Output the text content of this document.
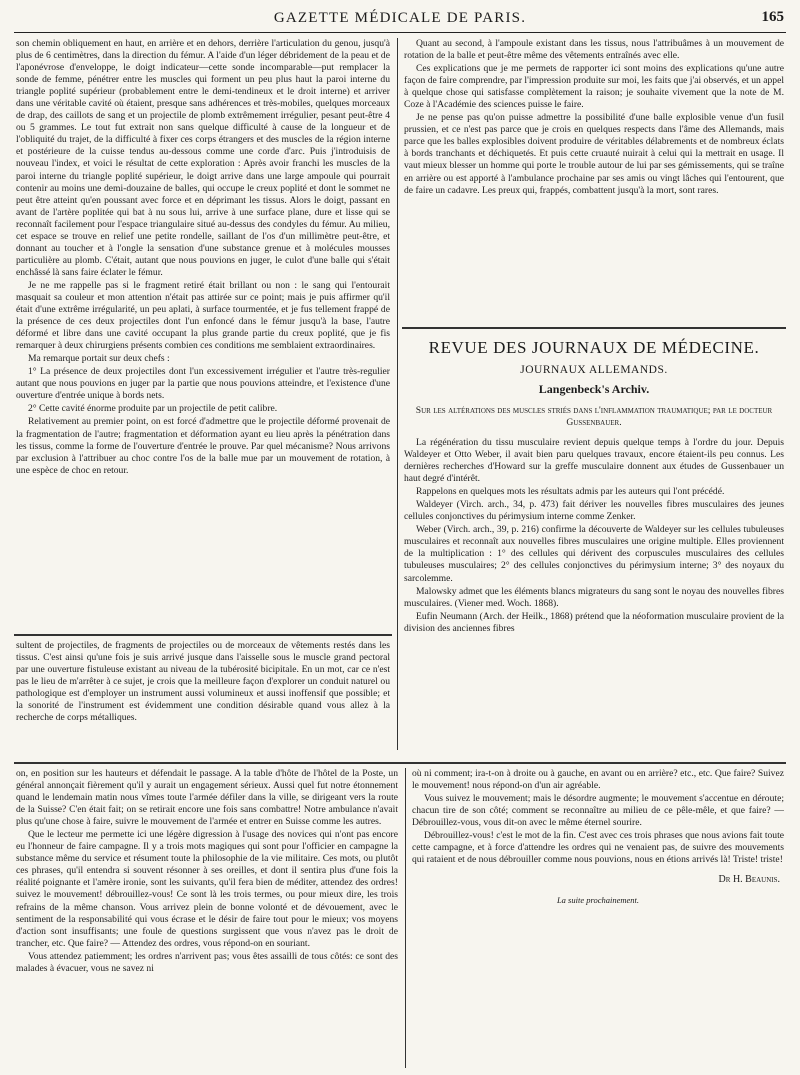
GAZETTE MÉDICALE DE PARIS.	165

son chemin obliquement en haut, en arrière et en dehors, derrière l'articulation du genou, jusqu'à plus de 6 centimètres, dans la direction du fémur. A l'aide d'un léger débridement de la peau et de l'aponévrose d'enveloppe, le doigt indicateur—cette sonde incomparable—put remplacer la sonde de femme, pénétrer entre les muscles qui forment un peu plus haut la paroi interne du triangle poplité supérieur (probablement entre le demi-tendineux et le droit interne) et arriver dans une véritable cavité où étaient, presque sans adhérences et très-mobiles, quelques morceaux de drap, des caillots de sang et un projectile de plomb extrêmement irrégulier, pesant peut-être 4 ou 5 grammes. Le tout fut extrait non sans quelque difficulté à cause de la longueur et de l'obliquité du trajet, de la difficulté à fixer ces corps étrangers et des muscles de la région interne et postérieure de la cuisse tendus au-dessous comme une corde d'arc. Puis j'introduisis de nouveau l'index, et voici le résultat de cette exploration : Après avoir franchi les muscles de la paroi interne du triangle poplité supérieur, le doigt arrive dans une large ampoule qui pourrait contenir au moins une demi-douzaine de balles, qui occupe le creux poplité et dont le sommet ne peut être atteint qu'en poussant avec force et en déprimant les tissus. Alors le doigt, passant en avant de l'artère poplitée qui bat à nu sous lui, arrive à une surface plane, dure et lisse qui se reconnaît facilement pour l'espace triangulaire situé au-dessus des condyles du fémur. Au milieu, cet espace se trouve en relief une petite rondelle, saillant de l'os d'un millimètre peut-être, et donnant au toucher et à l'ongle la sensation d'une substance grenue et à molécules mousses particulière au plomb. C'était, autant que nous pouvions en juger, le culot d'une balle qui s'était enchâssé là sans faire éclater le fémur.

Je ne me rappelle pas si le fragment retiré était brillant ou non : le sang qui l'entourait masquait sa couleur et mon attention n'était pas attirée sur ce point; mais je puis affirmer qu'il était d'une extrême irrégularité, un peu aplati, à surface tourmentée, et je fus tellement frappé de la présence de ces deux projectiles dont l'un enfoncé dans le fémur jusqu'à la base, l'autre déformé et libre dans une cavité occupant la plus grande partie du creux poplité, que je fis remarquer à deux chirurgiens présents combien ces conditions me semblaient extraordinaires.

Ma remarque portait sur deux chefs :

1° La présence de deux projectiles dont l'un excessivement irrégulier et l'autre très-regulier autant que nous pouvions en juger par la partie que nous pouvions atteindre, et l'existence d'une ouverture d'entrée unique à bords nets.

2° Cette cavité énorme produite par un projectile de petit calibre.

Relativement au premier point, on est forcé d'admettre que le projectile déformé provenait de la fragmentation de l'autre; fragmentation et déformation ayant eu lieu après la pénétration dans les tissus, comme la forme de l'ouverture d'entrée le prouve. Par quel mécanisme? Nous arrivons par exclusion à l'attribuer au choc contre l'os de la balle mue par un mouvement de rotation, à une espèce de choc en retour.

sultent de projectiles, de fragments de projectiles ou de morceaux de vêtements restés dans les tissus. C'est ainsi qu'une fois je suis arrivé jusque dans l'aisselle sous le muscle grand pectoral par une ouverture fistuleuse existant au niveau de la tubérosité bicipitale. En un mot, car ce n'est pas le lieu de m'arrêter à ce sujet, je crois que la meilleure façon d'explorer un conduit naturel ou pathologique est d'employer un instrument aussi volumineux et aussi inoffensif que possible; et la sonorité de l'instrument est évidemment une condition désirable quand vous allez à la recherche de corps métalliques.

Quant au second, à l'ampoule existant dans les tissus, nous l'attribuâmes à un mouvement de rotation de la balle et peut-être même des vêtements entraînés avec elle.

Ces explications que je me permets de rapporter ici sont moins des explications qu'une autre façon de faire comprendre, par l'impression produite sur moi, les faits que j'ai observés, et un appel à quelque chose qui satisfasse complètement la raison; je souhaite vivement que la note de M. Coze à l'Académie des sciences puisse le faire.

Je ne pense pas qu'on puisse admettre la possibilité d'une balle explosible venue d'un fusil prussien, et ce n'est pas parce que je crois en quelques respects dans l'âme des Allemands, mais parce que les balles explosibles doivent produire de véritables délabrements et de nombreux éclats à bords tranchants et déchiquetés. Et puis cette cruauté nuirait à celui qui la mettrait en usage. Il vaut mieux blesser un homme qui porte le trouble autour de lui par ses gémissements, qui se traîne en arrière ou est apporté à l'ambulance prochaine par ses amis ou vingt lâches qui l'entourent, que de faire un cadavre. Les preux qui, frappés, combattent jusqu'à la mort, sont rares.

REVUE DES JOURNAUX DE MÉDECINE.
JOURNAUX ALLEMANDS.
Langenbeck's Archiv.
Sur les altérations des muscles striés dans l'inflammation traumatique; par le docteur Gussenbauer.

La régénération du tissu musculaire revient depuis quelque temps à l'ordre du jour. Depuis Waldeyer et Otto Weber, il avait bien paru quelques travaux, encore étaient-ils peu connus. Les dernières recherches d'Howard sur la greffe musculaire donnent aux études de Gussenbauer un haut degré d'intérêt.

Rappelons en quelques mots les résultats admis par les auteurs qui l'ont précédé.

Waldeyer (Virch. arch., 34, p. 473) fait dériver les nouvelles fibres musculaires des jeunes cellules conjonctives du périmysium interne comme Zenker.

Weber (Virch. arch., 39, p. 216) confirme la découverte de Waldeyer sur les cellules tubuleuses musculaires et reconnaît aux nouvelles fibres musculaires une origine multiple. Elles proviennent de la multiplication : 1° des cellules qui dérivent des corpuscules musculaires des cellules tubuleuses musculaires; 2° des cellules conjonctives du périmysium interne; 3° des noyaux du sarcolemme.

Malowsky admet que les éléments blancs migrateurs du sang sont le noyau des nouvelles fibres musculaires. (Viener med. Woch. 1868).

Eufin Neumann (Arch. der Heilk., 1868) prétend que la néoformation musculaire provient de la division des anciennes fibres

on, en position sur les hauteurs et défendait le passage. A la table d'hôte de l'hôtel de la Poste, un général annonçait fièrement qu'il y aurait un engagement sérieux. Aussi quel fut notre étonnement quand le lendemain matin nous vîmes toute l'armée défiler dans la ville, se dirigeant vers la route de la Suisse? C'en était fait; on se retirait encore une fois sans combattre! Notre ambulance n'avait plus qu'une chose à faire, suivre le mouvement de l'armée et entrer en Suisse comme les autres.

Que le lecteur me permette ici une légère digression à l'usage des novices qui n'ont pas encore eu l'honneur de faire campagne. Il y a trois mots magiques qui sont pour l'officier en campagne la substance même du service et résument toute la philosophie de la vie militaire. Ces mots, ou plutôt ces phrases, qu'il entendra si souvent résonner à ses oreilles, et dont il sentira plus d'une fois la réalité poignante et l'amère ironie, sont les suivants, qu'il fera bien de méditer, attendez des ordres! suivez le mouvement! débrouillez-vous! Ce sont là les trois termes, ou pour mieux dire, les trois refrains de la même chanson. Vous arrivez plein de bonne volonté et de dévouement, avec le sentiment de la responsabilité qui vous écrase et le désir de faire tout pour le mieux; vos moyens d'action sont insuffisants; une foule de questions surgissent que vous n'avez pas le droit de trancher, etc. Que faire? — Attendez des ordres, vous répond-on en souriant.

Vous attendez patiemment; les ordres n'arrivent pas; vous êtes assailli de tous côtés: ce sont des malades à évacuer, vous ne savez ni

où ni comment; ira-t-on à droite ou à gauche, en avant ou en arrière? etc., etc. Que faire? Suivez le mouvement! nous répond-on d'un air agréable.

Vous suivez le mouvement; mais le désordre augmente; le mouvement s'accentue en déroute; chacun tire de son côté; comment se reconnaître au milieu de ce pêle-mêle, et que faire? — Débrouillez-vous, vous dit-on avec le même éternel sourire.

Débrouillez-vous! c'est le mot de la fin. C'est avec ces trois phrases que nous avions fait toute cette campagne, et à force d'attendre les ordres qui ne venaient pas, de suivre des mouvements qui rataient et de nous débrouiller comme nous pouvions, nous en étions arrivés là! Triste! triste!

Dr H. Beaunis.
La suite prochainement.
